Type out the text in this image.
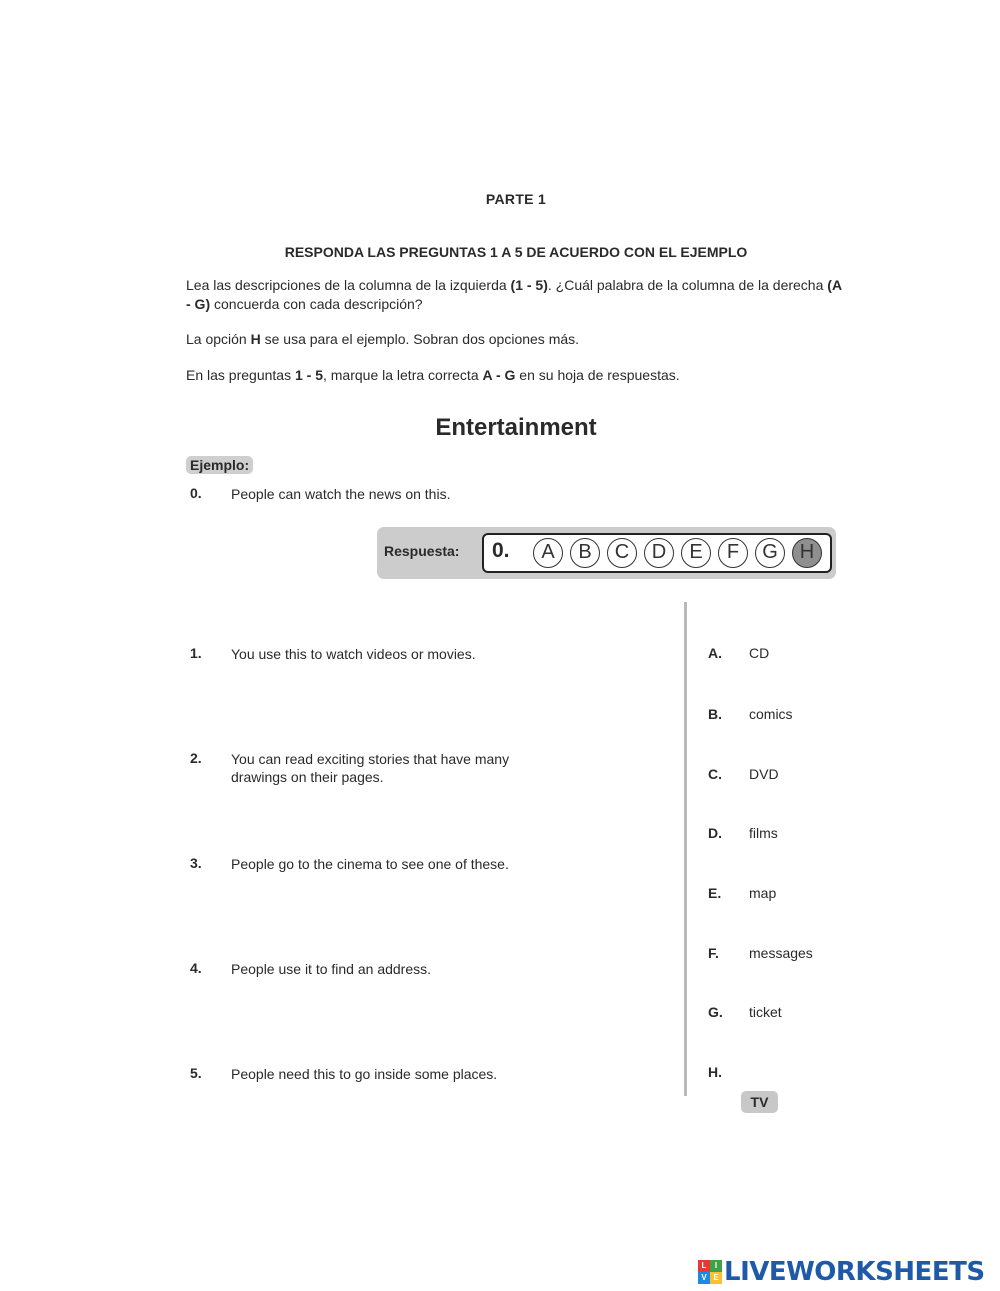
PARTE 1
RESPONDA LAS PREGUNTAS 1 A 5 DE ACUERDO CON EL EJEMPLO
Lea las descripciones de la columna de la izquierda (1 - 5). ¿Cuál palabra de la columna de la derecha (A - G) concuerda con cada descripción?
La opción H se usa para el ejemplo. Sobran dos opciones más.
En las preguntas 1 - 5, marque la letra correcta A - G en su hoja de respuestas.
Entertainment
Ejemplo:
0. People can watch the news on this.
Respuesta: 0.	A	B	C	D	E	F	G	H
1. You use this to watch videos or movies.
2. You can read exciting stories that have many drawings on their pages.
3. People go to the cinema to see one of these.
4. People use it to find an address.
5. People need this to go inside some places.
A. CD
B. comics
C. DVD
D. films
E. map
F. messages
G. ticket
H.
TV
L	I
V E LIVEWORKSHEETS
